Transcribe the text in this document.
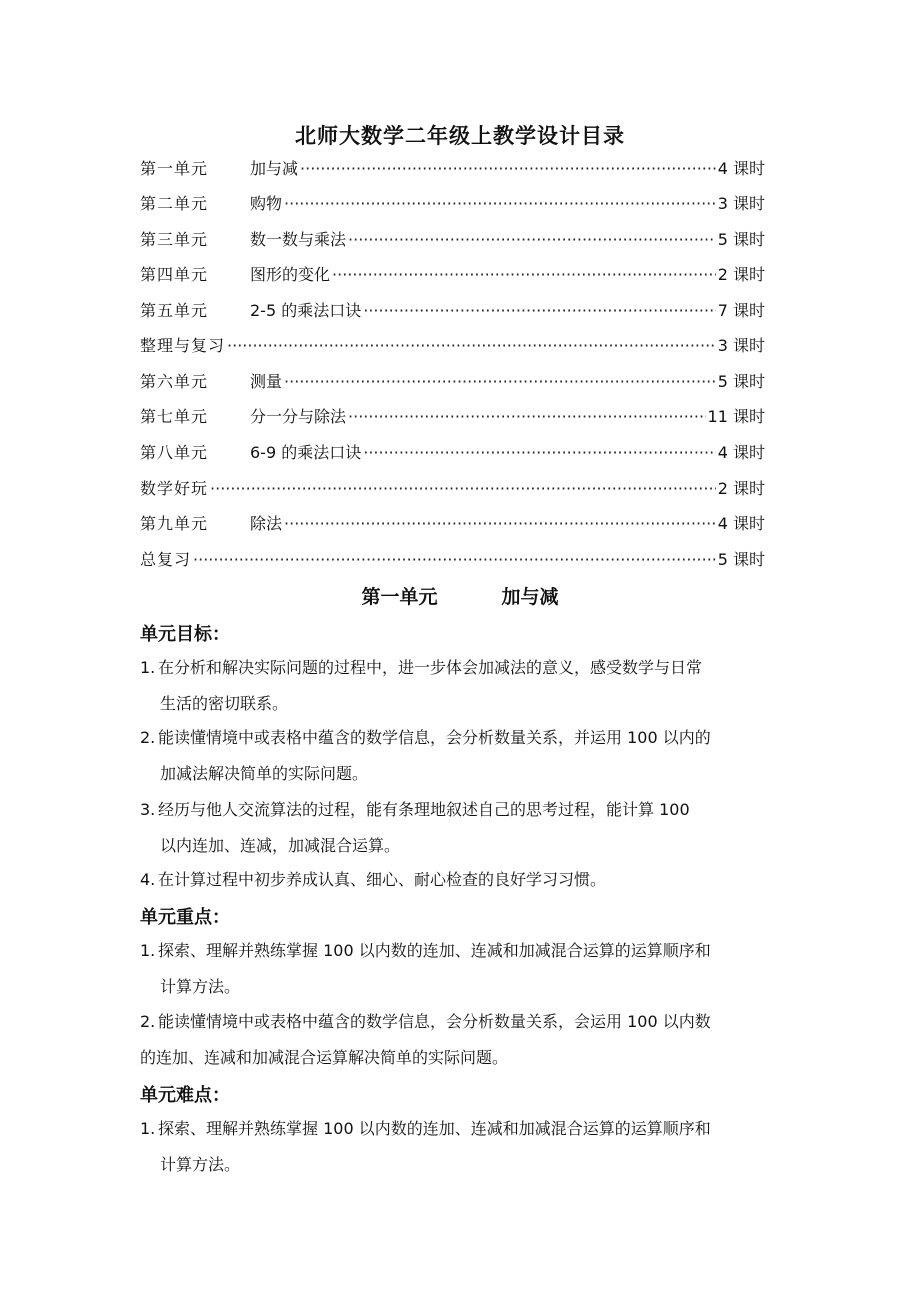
北师大数学二年级上教学设计目录
第一单元	加与减 ·····	4 课时
第二单元	购物 ·····	3 课时
第三单元	数一数与乘法 ·····	5 课时
第四单元	图形的变化 ·····	2 课时
第五单元	2-5 的乘法口诀 ·····	7 课时
整理与复习 ·····	3 课时
第六单元	测量 ·····	5 课时
第七单元	分一分与除法 ·····	11 课时
第八单元	6-9 的乘法口诀 ·····	4 课时
数学好玩 ·····	2 课时
第九单元	除法 ·····	4 课时
总复习 ·····	5 课时
第一单元	加与减
单元目标：
1. 在分析和解决实际问题的过程中，进一步体会加减法的意义，感受数学与日常
生活的密切联系。
2. 能读懂情境中或表格中蕴含的数学信息，会分析数量关系，并运用 100 以内的
加减法解决简单的实际问题。
3. 经历与他人交流算法的过程，能有条理地叙述自己的思考过程，能计算 100
以内连加、连减，加减混合运算。
4. 在计算过程中初步养成认真、细心、耐心检查的良好学习习惯。
单元重点：
1. 探索、理解并熟练掌握 100 以内数的连加、连减和加减混合运算的运算顺序和
计算方法。
2. 能读懂情境中或表格中蕴含的数学信息，会分析数量关系，会运用 100 以内数
的连加、连减和加减混合运算解决简单的实际问题。
单元难点：
1. 探索、理解并熟练掌握 100 以内数的连加、连减和加减混合运算的运算顺序和
计算方法。
